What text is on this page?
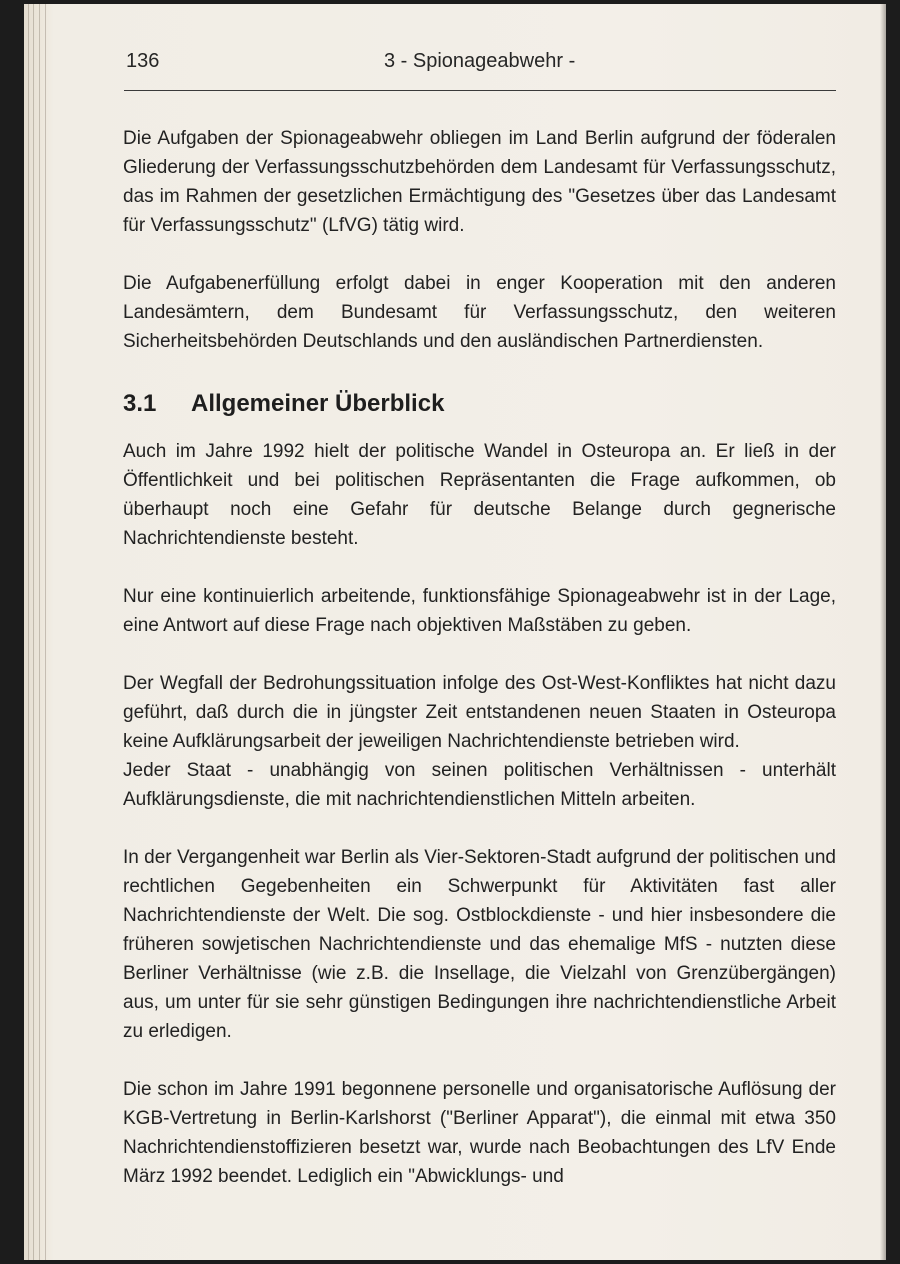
136	3 - Spionageabwehr -

Die Aufgaben der Spionageabwehr obliegen im Land Berlin aufgrund der föderalen Gliederung der Verfassungsschutzbehörden dem Landesamt für Verfassungsschutz, das im Rahmen der gesetzlichen Ermächtigung des "Gesetzes über das Landesamt für Verfassungsschutz" (LfVG) tätig wird.

Die Aufgabenerfüllung erfolgt dabei in enger Kooperation mit den anderen Landesämtern, dem Bundesamt für Verfassungsschutz, den weiteren Sicherheitsbehörden Deutschlands und den ausländischen Partnerdiensten.

3.1 Allgemeiner Überblick

Auch im Jahre 1992 hielt der politische Wandel in Osteuropa an. Er ließ in der Öffentlichkeit und bei politischen Repräsentanten die Frage aufkommen, ob überhaupt noch eine Gefahr für deutsche Belange durch gegnerische Nachrichtendienste besteht.

Nur eine kontinuierlich arbeitende, funktionsfähige Spionageabwehr ist in der Lage, eine Antwort auf diese Frage nach objektiven Maßstäben zu geben.

Der Wegfall der Bedrohungssituation infolge des Ost-West-Konfliktes hat nicht dazu geführt, daß durch die in jüngster Zeit entstandenen neuen Staaten in Osteuropa keine Aufklärungsarbeit der jeweiligen Nachrichtendienste betrieben wird.

Jeder Staat - unabhängig von seinen politischen Verhältnissen - unterhält Aufklärungsdienste, die mit nachrichtendienstlichen Mitteln arbeiten.

In der Vergangenheit war Berlin als Vier-Sektoren-Stadt aufgrund der politischen und rechtlichen Gegebenheiten ein Schwerpunkt für Aktivitäten fast aller Nachrichtendienste der Welt. Die sog. Ostblockdienste - und hier insbesondere die früheren sowjetischen Nachrichtendienste und das ehemalige MfS - nutzten diese Berliner Verhältnisse (wie z.B. die Insellage, die Vielzahl von Grenzübergängen) aus, um unter für sie sehr günstigen Bedingungen ihre nachrichtendienstliche Arbeit zu erledigen.

Die schon im Jahre 1991 begonnene personelle und organisatorische Auflösung der KGB-Vertretung in Berlin-Karlshorst ("Berliner Apparat"), die einmal mit etwa 350 Nachrichtendienstoffizieren besetzt war, wurde nach Beobachtungen des LfV Ende März 1992 beendet. Lediglich ein "Abwicklungs- und
